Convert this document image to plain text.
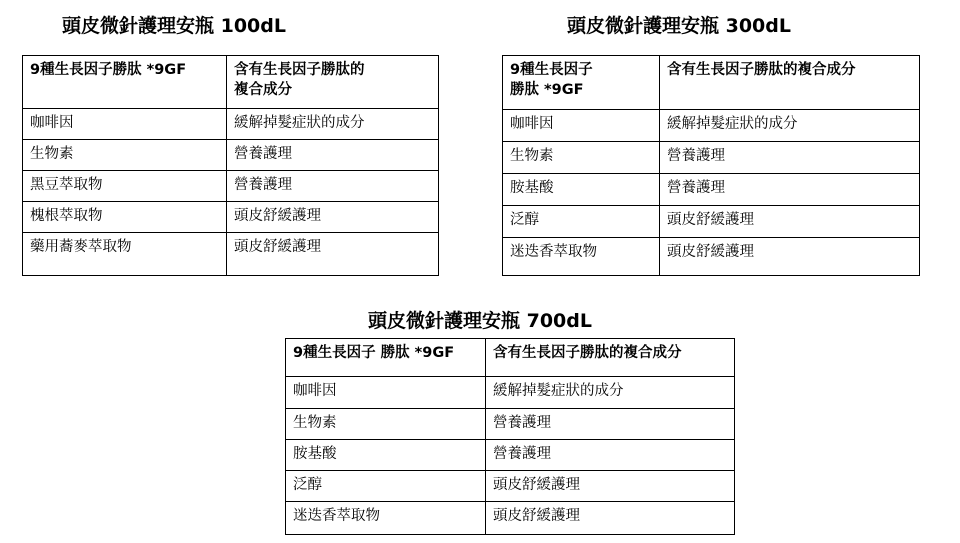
頭皮微針護理安瓶 100dL
9種生長因子勝肽 *9GF	含有生長因子勝肽的
複合成分
咖啡因	緩解掉髮症狀的成分
生物素	營養護理
黑豆萃取物	營養護理
槐根萃取物	頭皮舒緩護理
藥用蕎麥萃取物	頭皮舒緩護理
頭皮微針護理安瓶 300dL
9種生長因子
勝肽 *9GF	含有生長因子勝肽的複合成分
咖啡因	緩解掉髮症狀的成分
生物素	營養護理
胺基酸	營養護理
泛醇	頭皮舒緩護理
迷迭香萃取物	頭皮舒緩護理
頭皮微針護理安瓶 700dL
9種生長因子 勝肽 *9GF	含有生長因子勝肽的複合成分
咖啡因	緩解掉髮症狀的成分
生物素	營養護理
胺基酸	營養護理
泛醇	頭皮舒緩護理
迷迭香萃取物	頭皮舒緩護理
